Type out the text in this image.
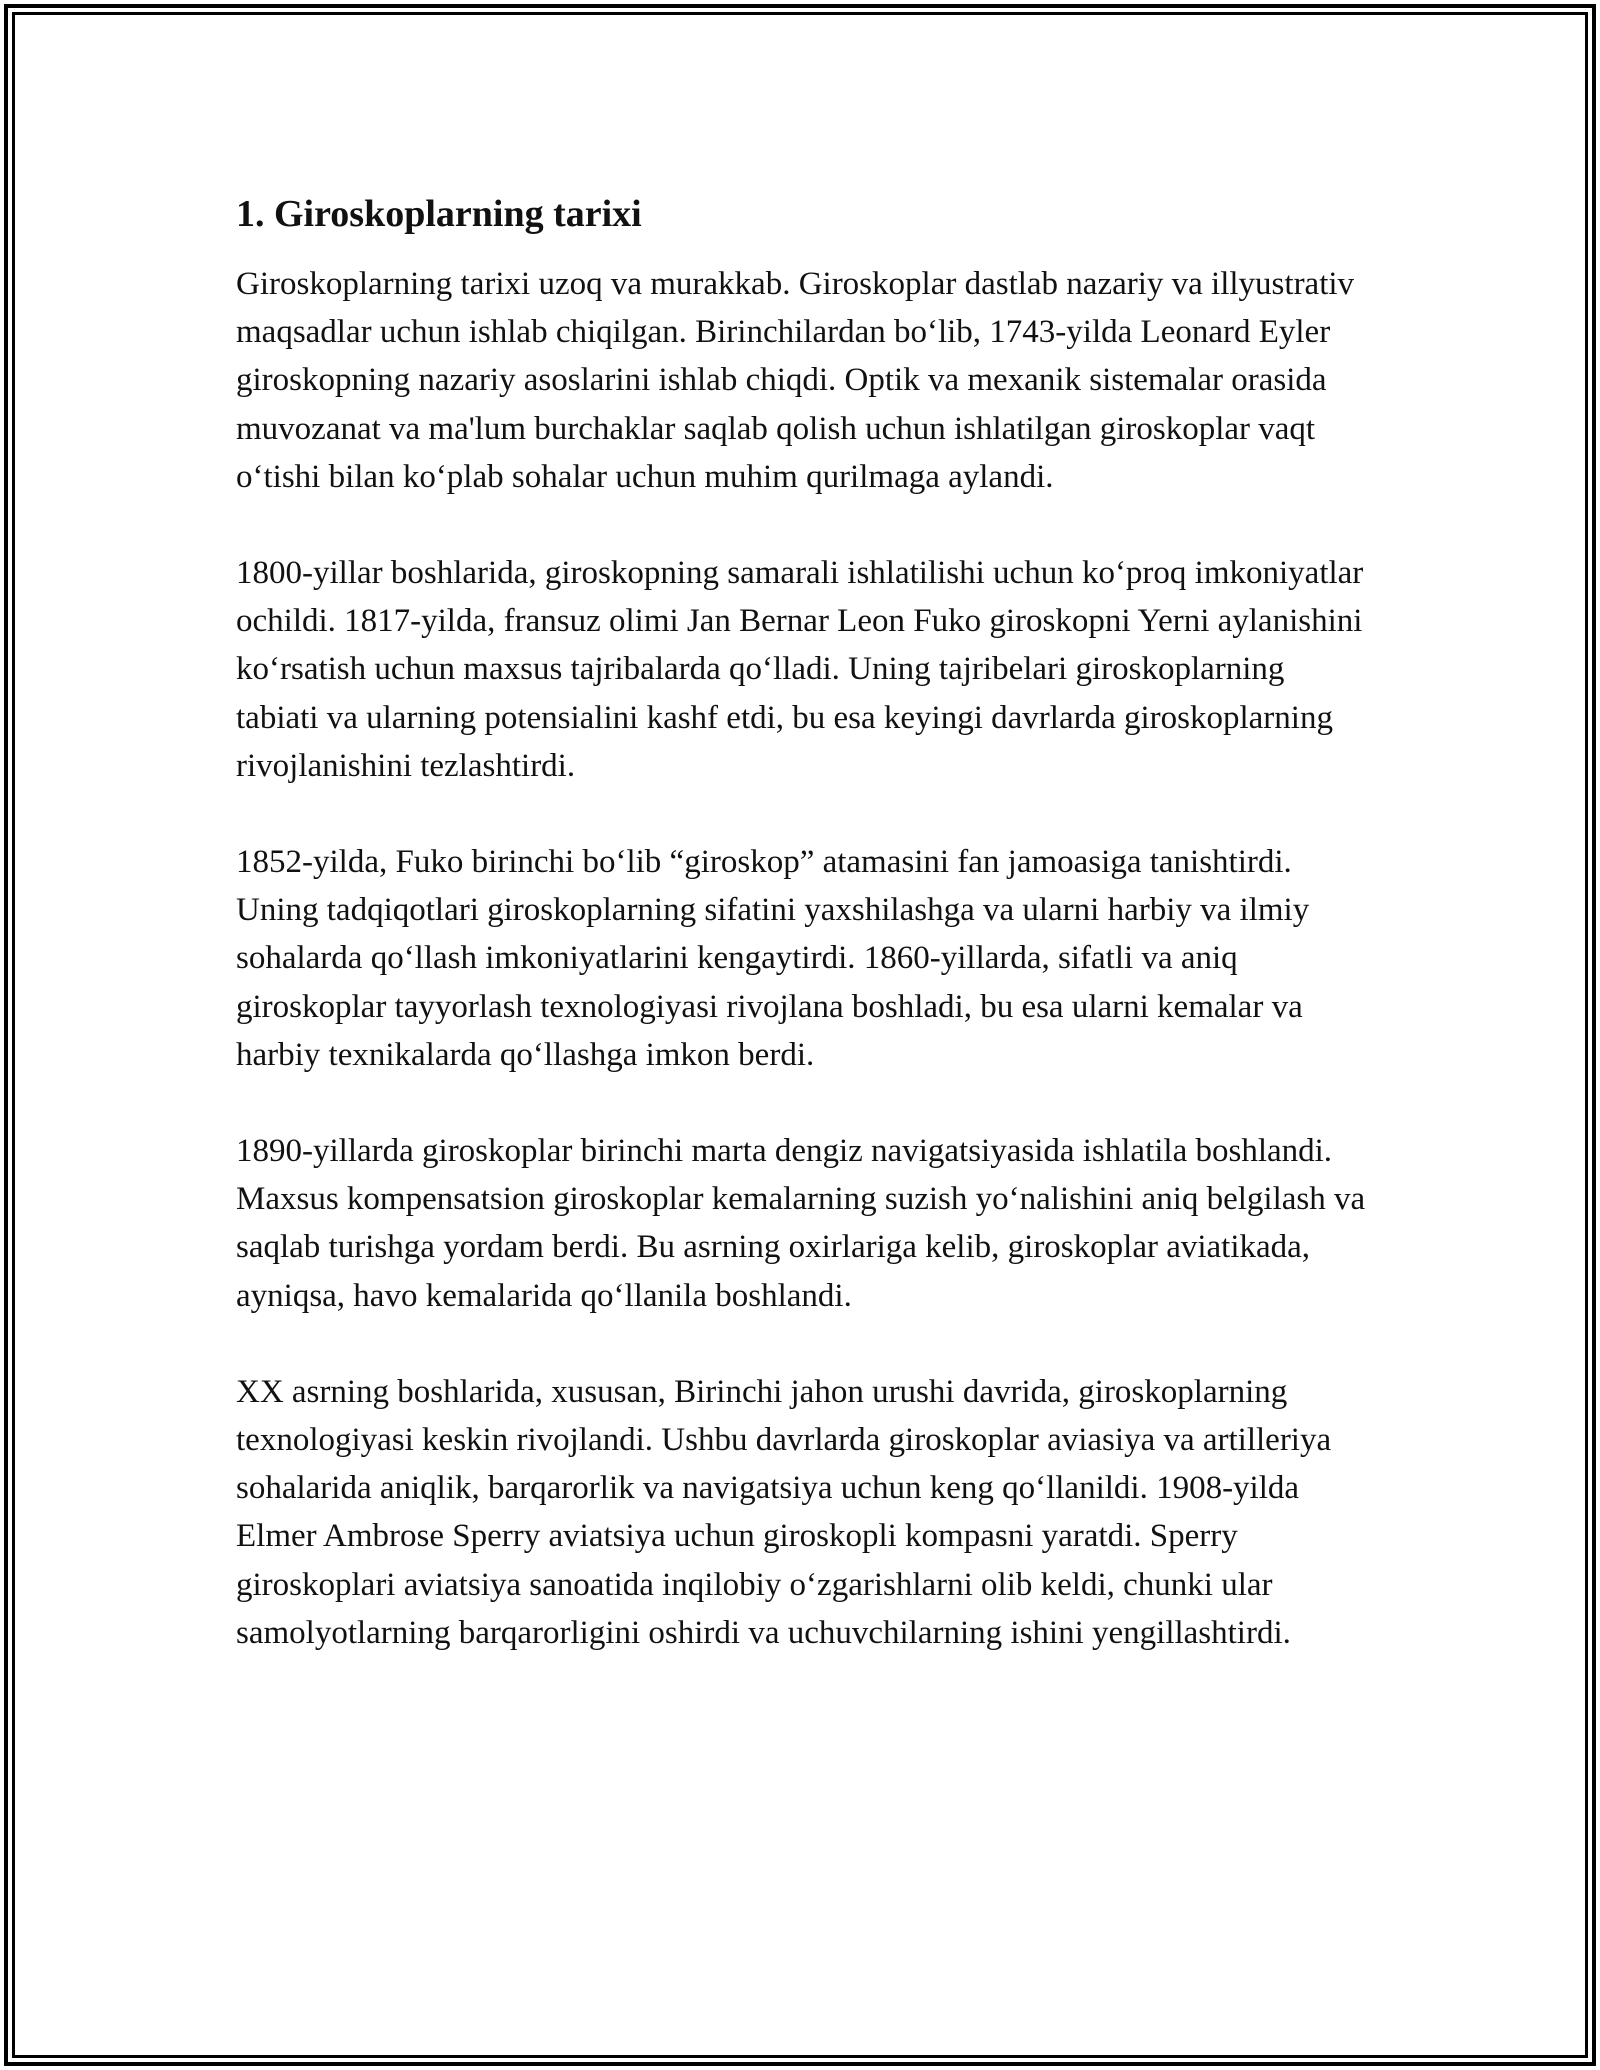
1. Giroskoplarning tarixi

Giroskoplarning tarixi uzoq va murakkab. Giroskoplar dastlab nazariy va illyustrativ maqsadlar uchun ishlab chiqilgan. Birinchilardan bo‘lib, 1743-yilda Leonard Eyler giroskopning nazariy asoslarini ishlab chiqdi. Optik va mexanik sistemalar orasida muvozanat va ma'lum burchaklar saqlab qolish uchun ishlatilgan giroskoplar vaqt o‘tishi bilan ko‘plab sohalar uchun muhim qurilmaga aylandi.

1800-yillar boshlarida, giroskopning samarali ishlatilishi uchun ko‘proq imkoniyatlar ochildi. 1817-yilda, fransuz olimi Jan Bernar Leon Fuko giroskopni Yerni aylanishini ko‘rsatish uchun maxsus tajribalarda qo‘lladi. Uning tajribelari giroskoplarning tabiati va ularning potensialini kashf etdi, bu esa keyingi davrlarda giroskoplarning rivojlanishini tezlashtirdi.

1852-yilda, Fuko birinchi bo‘lib “giroskop” atamasini fan jamoasiga tanishtirdi. Uning tadqiqotlari giroskoplarning sifatini yaxshilashga va ularni harbiy va ilmiy sohalarda qo‘llash imkoniyatlarini kengaytirdi. 1860-yillarda, sifatli va aniq giroskoplar tayyorlash texnologiyasi rivojlana boshladi, bu esa ularni kemalar va harbiy texnikalarda qo‘llashga imkon berdi.

1890-yillarda giroskoplar birinchi marta dengiz navigatsiyasida ishlatila boshlandi. Maxsus kompensatsion giroskoplar kemalarning suzish yo‘nalishini aniq belgilash va saqlab turishga yordam berdi. Bu asrning oxirlariga kelib, giroskoplar aviatikada, ayniqsa, havo kemalarida qo‘llanila boshlandi.

XX asrning boshlarida, xususan, Birinchi jahon urushi davrida, giroskoplarning texnologiyasi keskin rivojlandi. Ushbu davrlarda giroskoplar aviasiya va artilleriya sohalarida aniqlik, barqarorlik va navigatsiya uchun keng qo‘llanildi. 1908-yilda Elmer Ambrose Sperry aviatsiya uchun giroskopli kompasni yaratdi. Sperry giroskoplari aviatsiya sanoatida inqilobiy o‘zgarishlarni olib keldi, chunki ular samolyotlarning barqarorligini oshirdi va uchuvchilarning ishini yengillashtirdi.
